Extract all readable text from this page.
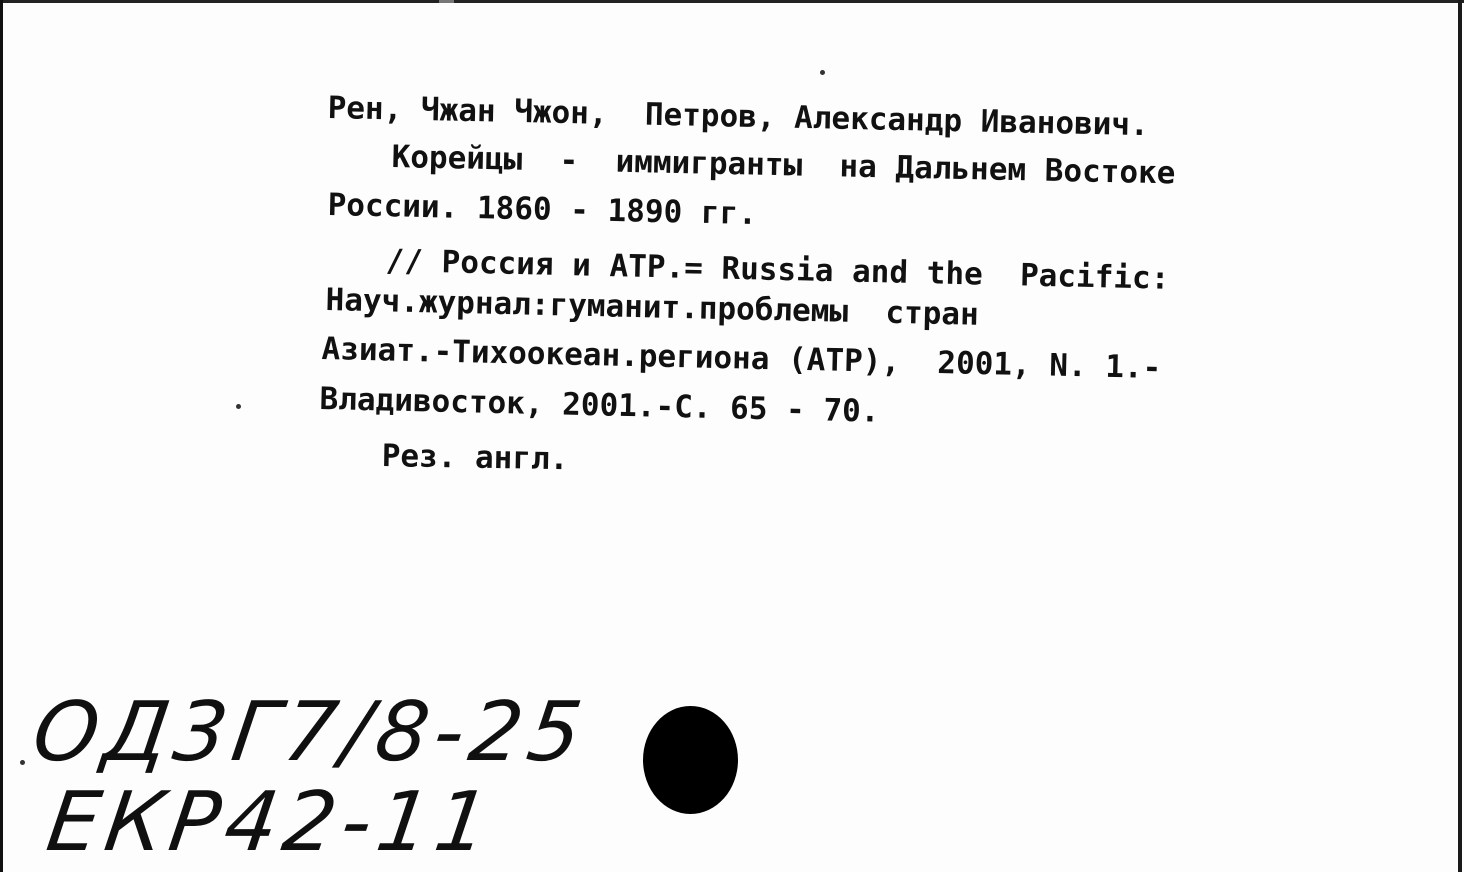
Рен, Чжан Чжон,  Петров, Александр Иванович.

Корейцы  -  иммигранты  на Дальнем Востоке

России. 1860 - 1890 гг.

// Россия и АТР.= Russia and the  Pacific:

Науч.журнал:гуманит.проблемы  стран

Азиат.-Тихоокеан.региона (АТР),  2001, N. 1.-

Владивосток, 2001.-С. 65 - 70.

Рез. англ.

ОД3Г7/8-25

ЕКР42-11
